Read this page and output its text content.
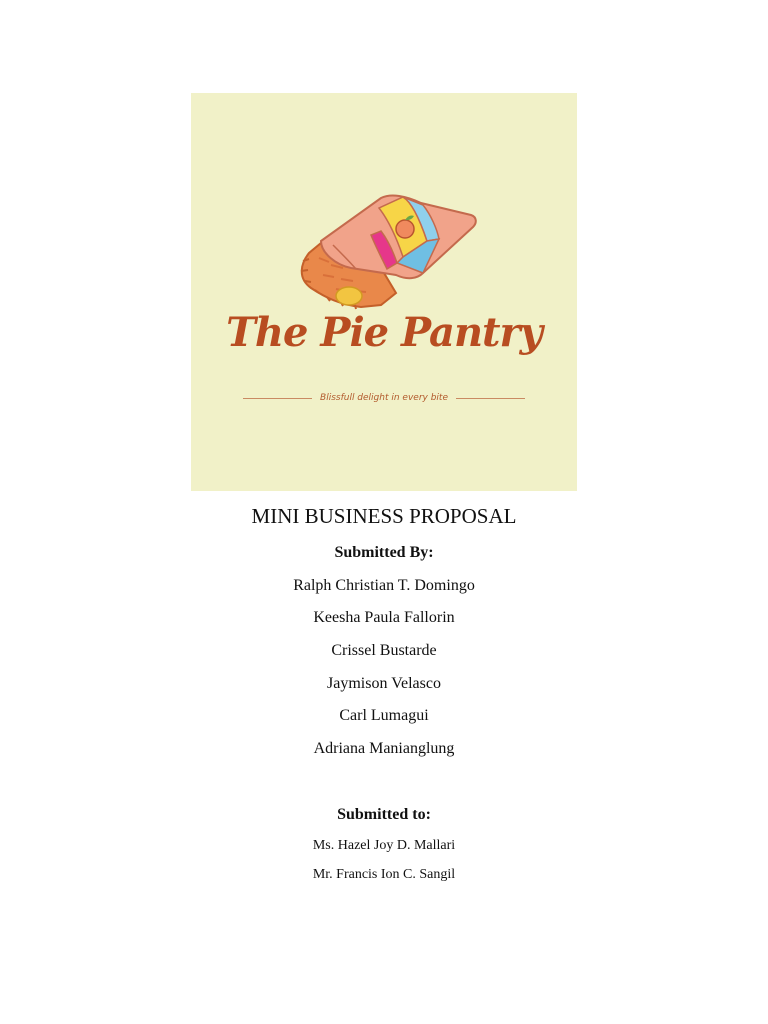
The Pie Pantry
Blissfull delight in every bite
MINI BUSINESS PROPOSAL
Submitted By:
Ralph Christian T. Domingo
Keesha Paula Fallorin
Crissel Bustarde
Jaymison Velasco
Carl Lumagui
Adriana Manianglung
Submitted to:
Ms. Hazel Joy D. Mallari
Mr. Francis Ion C. Sangil
